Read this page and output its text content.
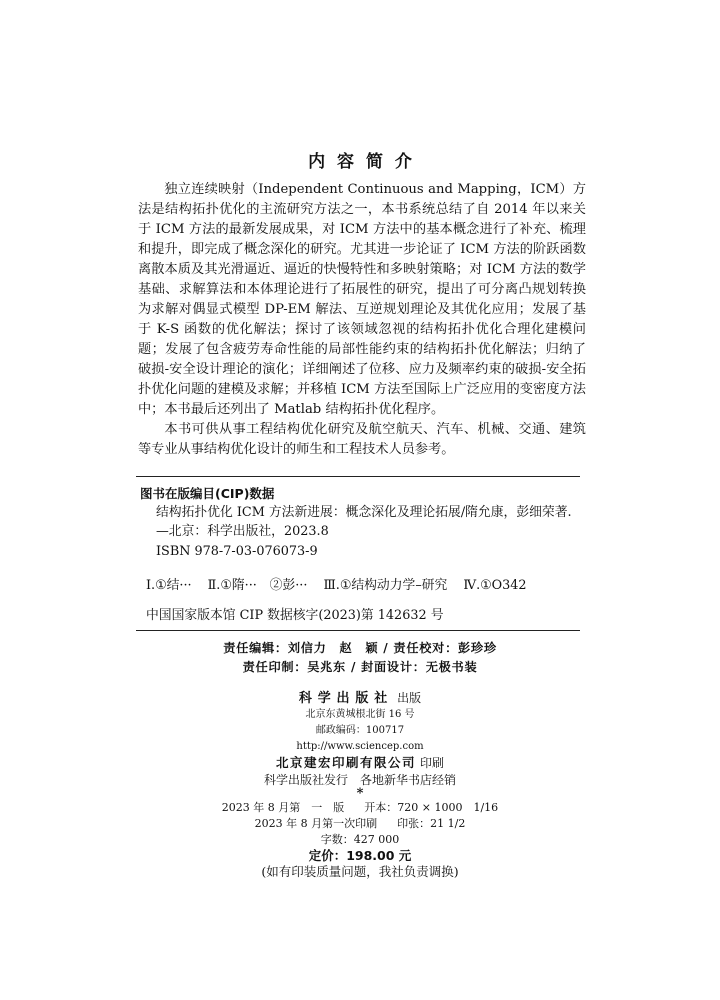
内容简介

独立连续映射（Independent Continuous and Mapping，ICM）方法是结构拓扑优化的主流研究方法之一，本书系统总结了自 2014 年以来关于 ICM 方法的最新发展成果，对 ICM 方法中的基本概念进行了补充、梳理和提升，即完成了概念深化的研究。尤其进一步论证了 ICM 方法的阶跃函数离散本质及其光滑逼近、逼近的快慢特性和多映射策略；对 ICM 方法的数学基础、求解算法和本体理论进行了拓展性的研究，提出了可分离凸规划转换为求解对偶显式模型 DP-EM 解法、互逆规划理论及其优化应用；发展了基于 K-S 函数的优化解法；探讨了该领域忽视的结构拓扑优化合理化建模问题；发展了包含疲劳寿命性能的局部性能约束的结构拓扑优化解法；归纳了破损-安全设计理论的演化；详细阐述了位移、应力及频率约束的破损-安全拓扑优化问题的建模及求解；并移植 ICM 方法至国际上广泛应用的变密度方法中；本书最后还列出了 Matlab 结构拓扑优化程序。

本书可供从事工程结构优化研究及航空航天、汽车、机械、交通、建筑等专业从事结构优化设计的师生和工程技术人员参考。

图书在版编目(CIP)数据
结构拓扑优化 ICM 方法新进展：概念深化及理论拓展/隋允康，彭细荣著.
—北京：科学出版社，2023.8
ISBN 978-7-03-076073-9
Ⅰ.①结··· Ⅱ.①隋···　②彭··· Ⅲ.①结构动力学–研究 Ⅳ.①O342
中国国家版本馆 CIP 数据核字(2023)第 142632 号
责任编辑：刘信力　赵　颖 / 责任校对：彭珍珍
责任印制：吴兆东 / 封面设计：无极书装
科学出版社 出版
北京东黄城根北街 16 号
邮政编码：100717
http://www.sciencep.com
北京建宏印刷有限公司 印刷
科学出版社发行　各地新华书店经销
*
2023 年 8 月第　一　版 开本：720 × 1000　1/16
2023 年 8 月第一次印刷 印张：21 1/2
字数：427 000
定价：198.00 元
(如有印装质量问题，我社负责调换)
